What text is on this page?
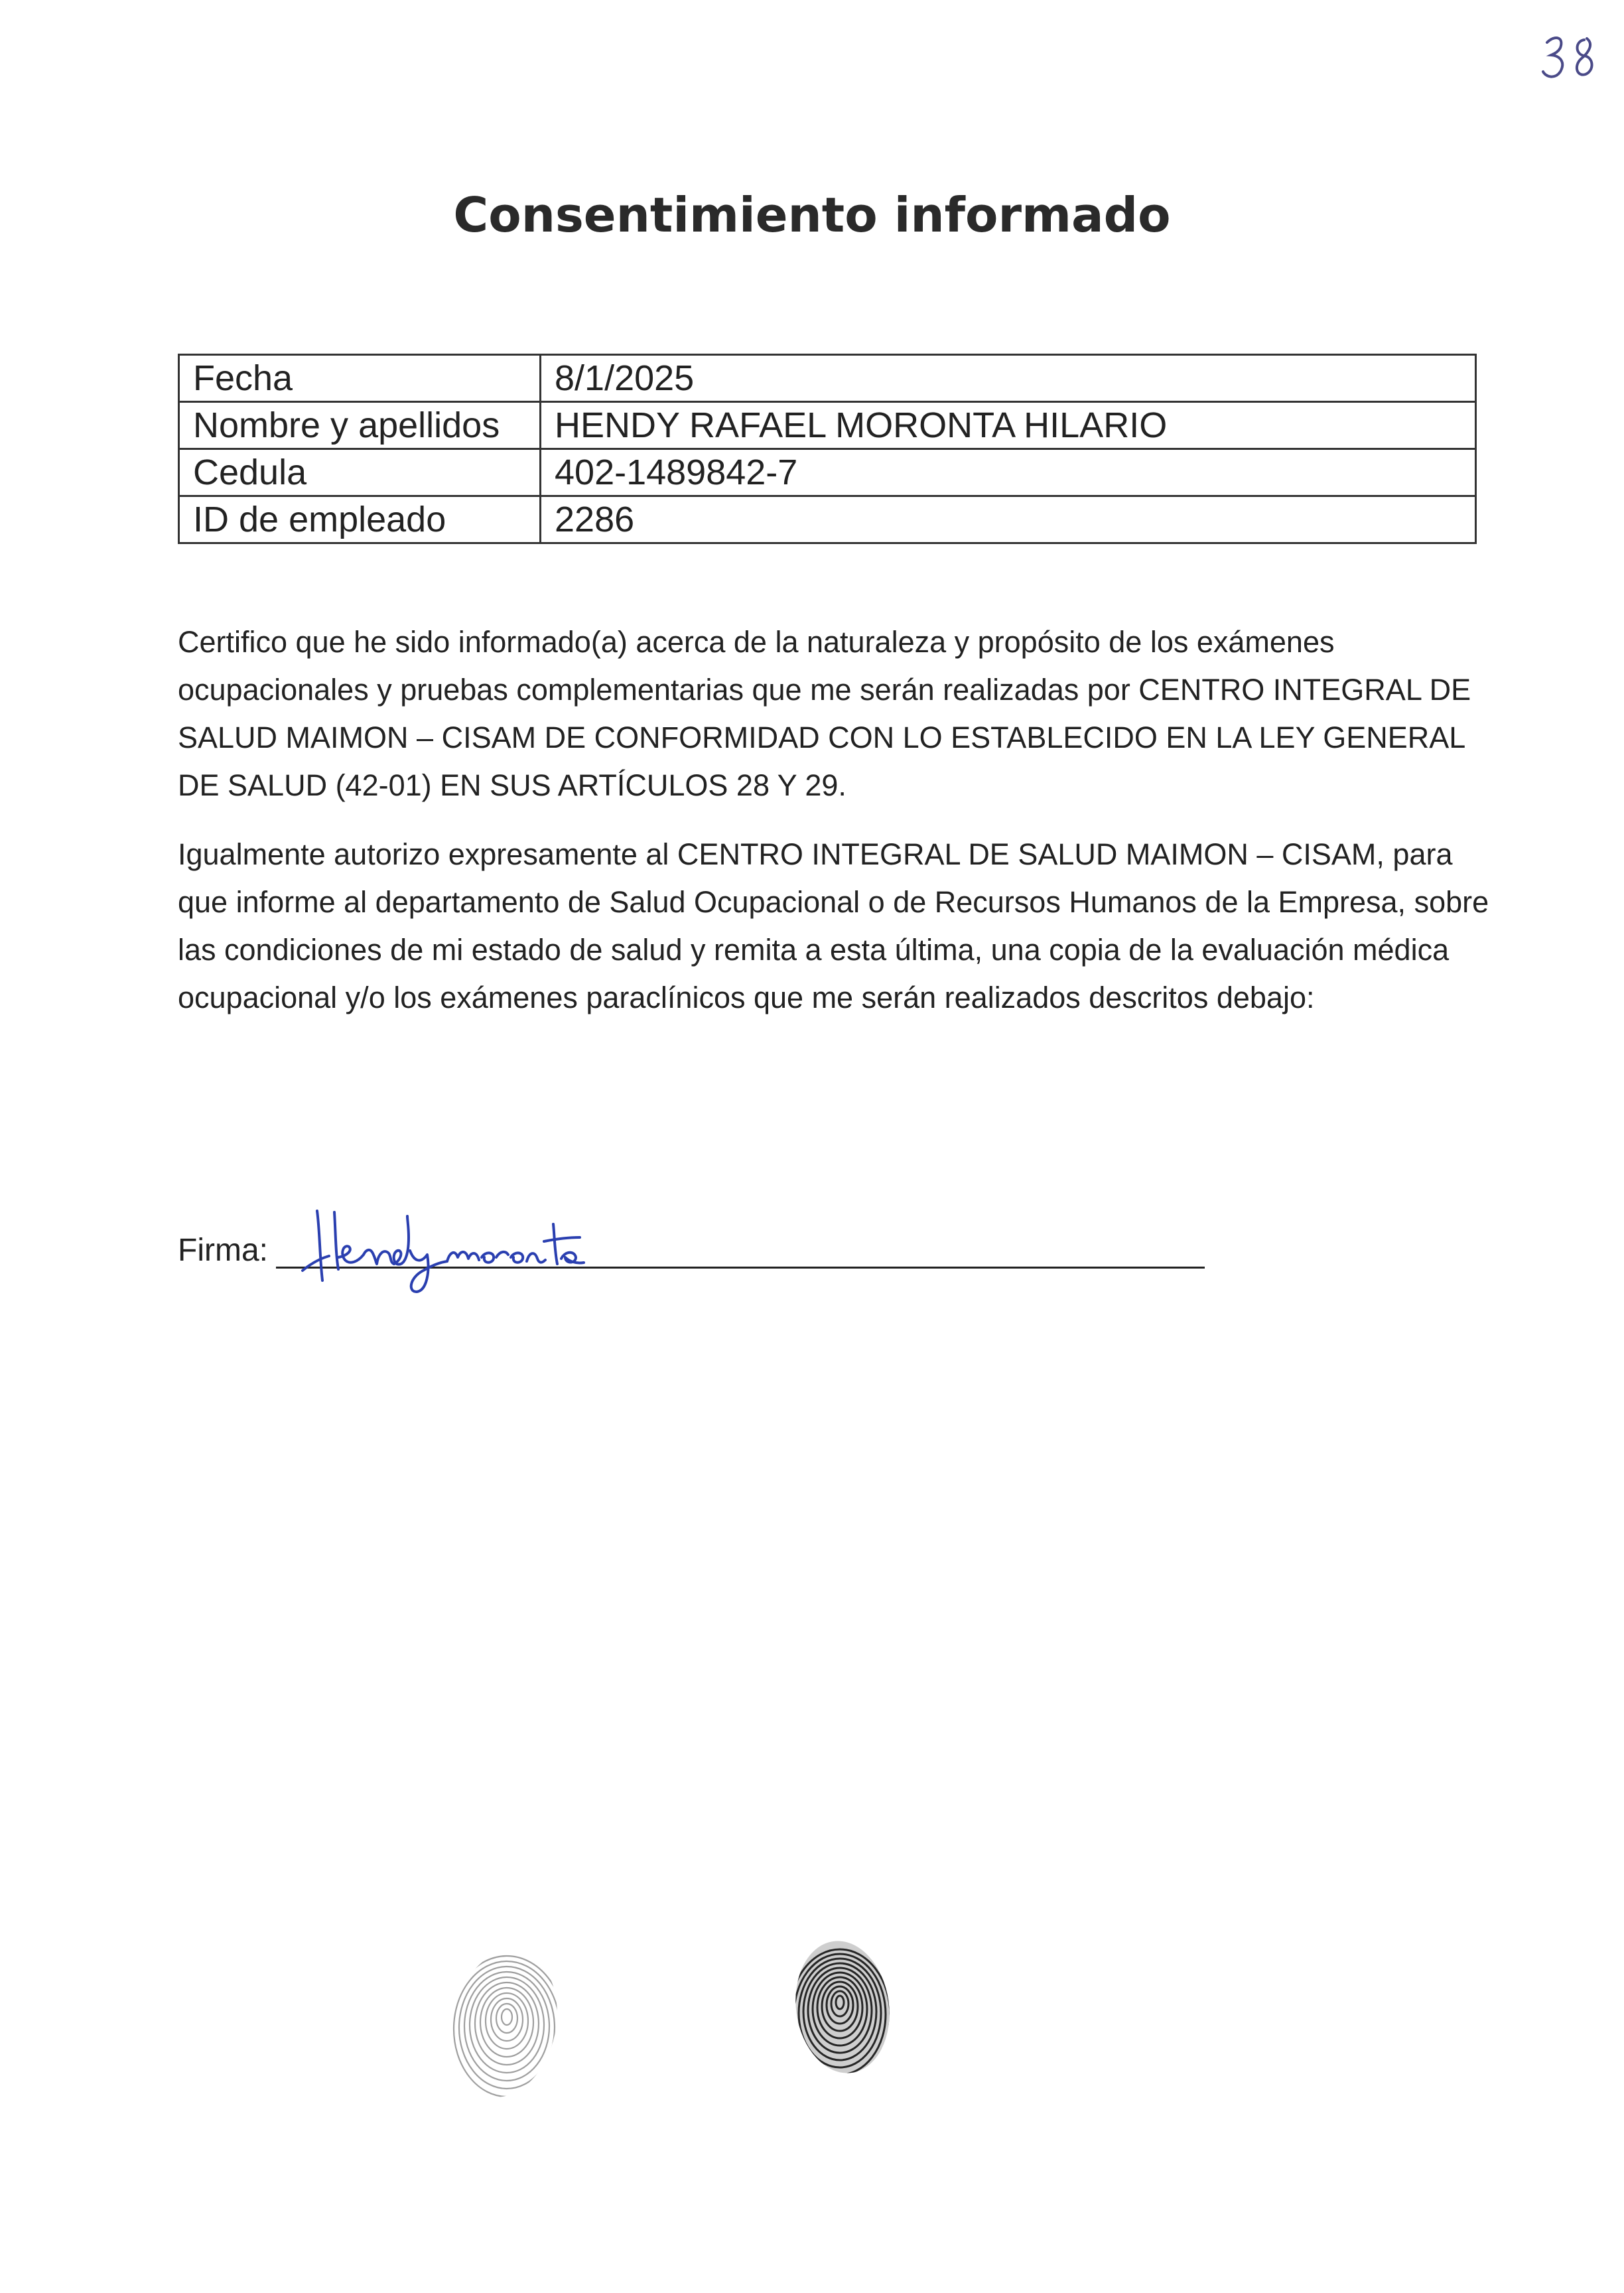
Consentimiento informado
Fecha	8/1/2025
Nombre y apellidos	HENDY RAFAEL MORONTA HILARIO
Cedula	402-1489842-7
ID de empleado	2286

Certifico que he sido informado(a) acerca de la naturaleza y propósito de los exámenes ocupacionales y pruebas complementarias que me serán realizadas por CENTRO INTEGRAL DE SALUD MAIMON – CISAM DE CONFORMIDAD CON LO ESTABLECIDO EN LA LEY GENERAL DE SALUD (42-01) EN SUS ARTÍCULOS 28 Y 29.

Igualmente autorizo expresamente al CENTRO INTEGRAL DE SALUD MAIMON – CISAM, para que informe al departamento de Salud Ocupacional o de Recursos Humanos de la Empresa, sobre las condiciones de mi estado de salud y remita a esta última, una copia de la evaluación médica ocupacional y/o los exámenes paraclínicos que me serán realizados descritos debajo:

Firma:
